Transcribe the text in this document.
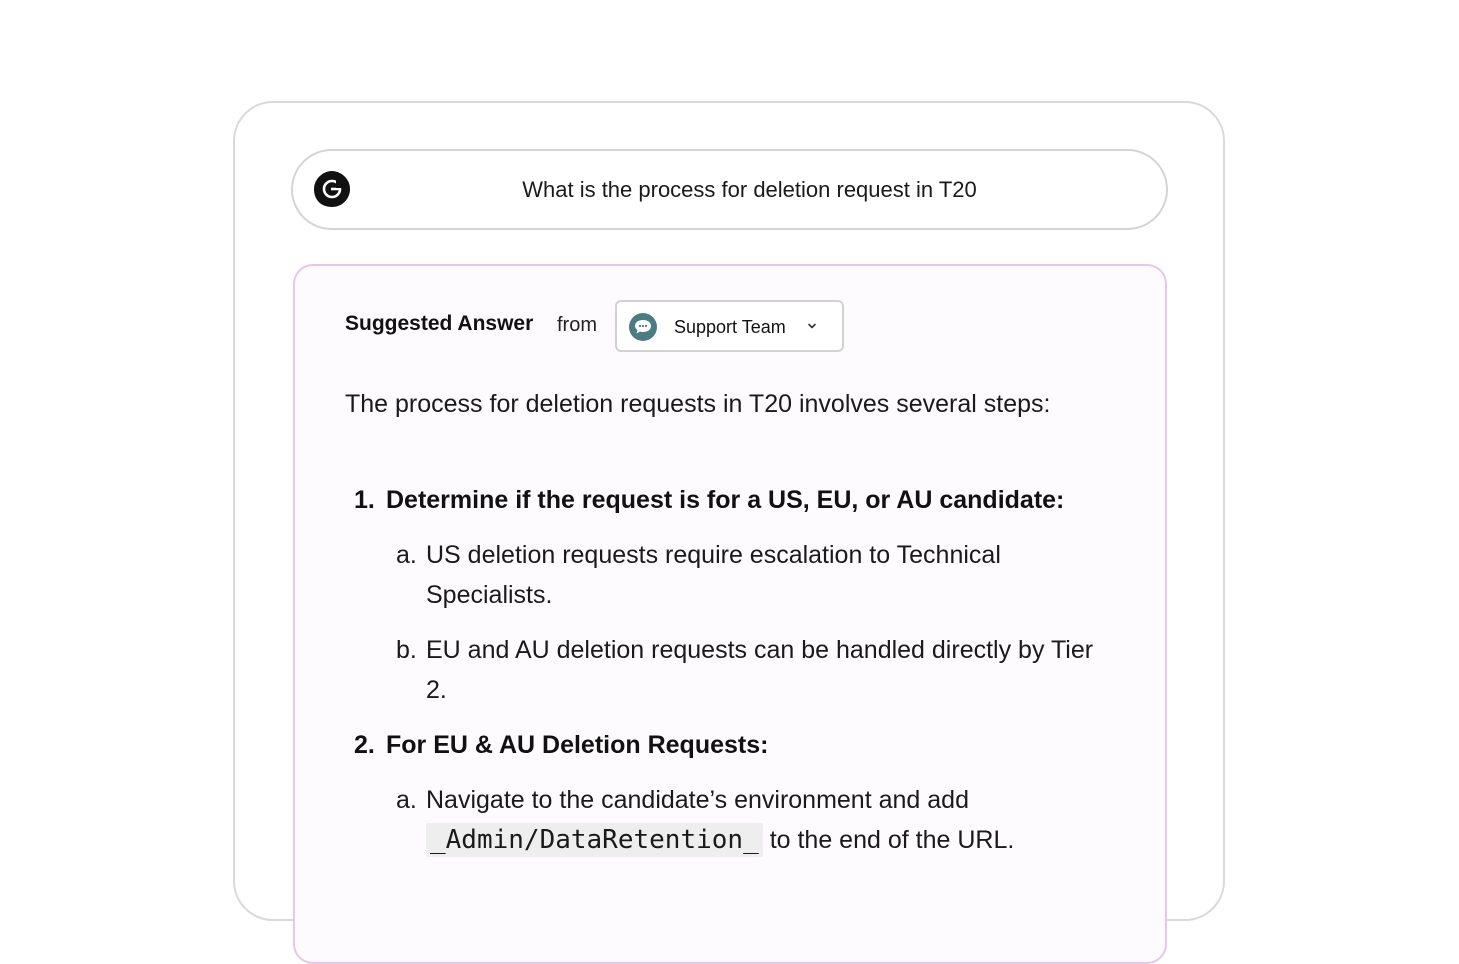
What is the process for deletion request in T20
Suggested Answer from	Support Team
The process for deletion requests in T20 involves several steps:
1. Determine if the request is for a US, EU, or AU candidate:
a. US deletion requests require escalation to Technical Specialists.
b. EU and AU deletion requests can be handled directly by Tier 2.
2. For EU & AU Deletion Requests:
a. Navigate to the candidate’s environment and add
_Admin/DataRetention_ to the end of the URL.
